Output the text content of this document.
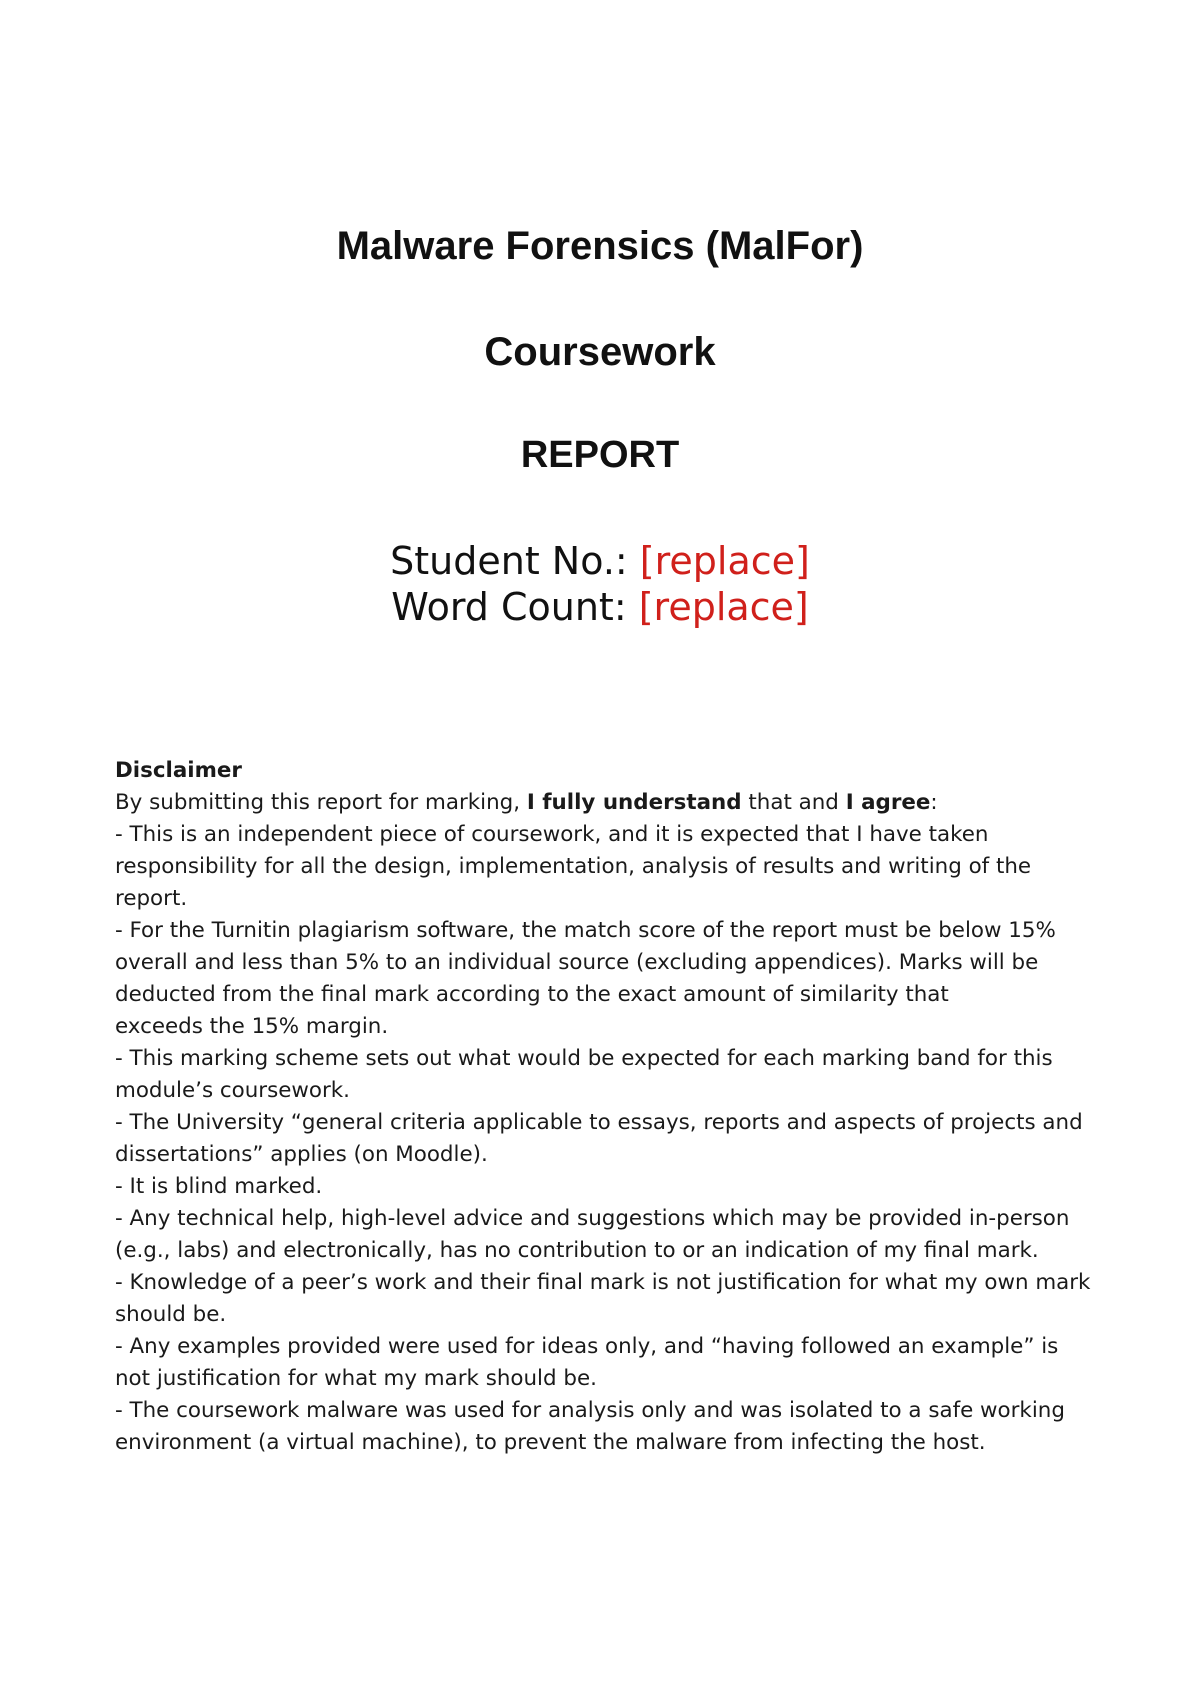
Malware Forensics (MalFor)
Coursework
REPORT
Student No.: [replace]
Word Count: [replace]
Disclaimer
By submitting this report for marking, I fully understand that and I agree:
- This is an independent piece of coursework, and it is expected that I have taken
responsibility for all the design, implementation, analysis of results and writing of the
report.
- For the Turnitin plagiarism software, the match score of the report must be below 15%
overall and less than 5% to an individual source (excluding appendices). Marks will be
deducted from the final mark according to the exact amount of similarity that
exceeds the 15% margin.
- This marking scheme sets out what would be expected for each marking band for this
module’s coursework.
- The University “general criteria applicable to essays, reports and aspects of projects and
dissertations” applies (on Moodle).
- It is blind marked.
- Any technical help, high-level advice and suggestions which may be provided in-person
(e.g., labs) and electronically, has no contribution to or an indication of my final mark.
- Knowledge of a peer’s work and their final mark is not justification for what my own mark
should be.
- Any examples provided were used for ideas only, and “having followed an example” is
not justification for what my mark should be.
- The coursework malware was used for analysis only and was isolated to a safe working
environment (a virtual machine), to prevent the malware from infecting the host.
